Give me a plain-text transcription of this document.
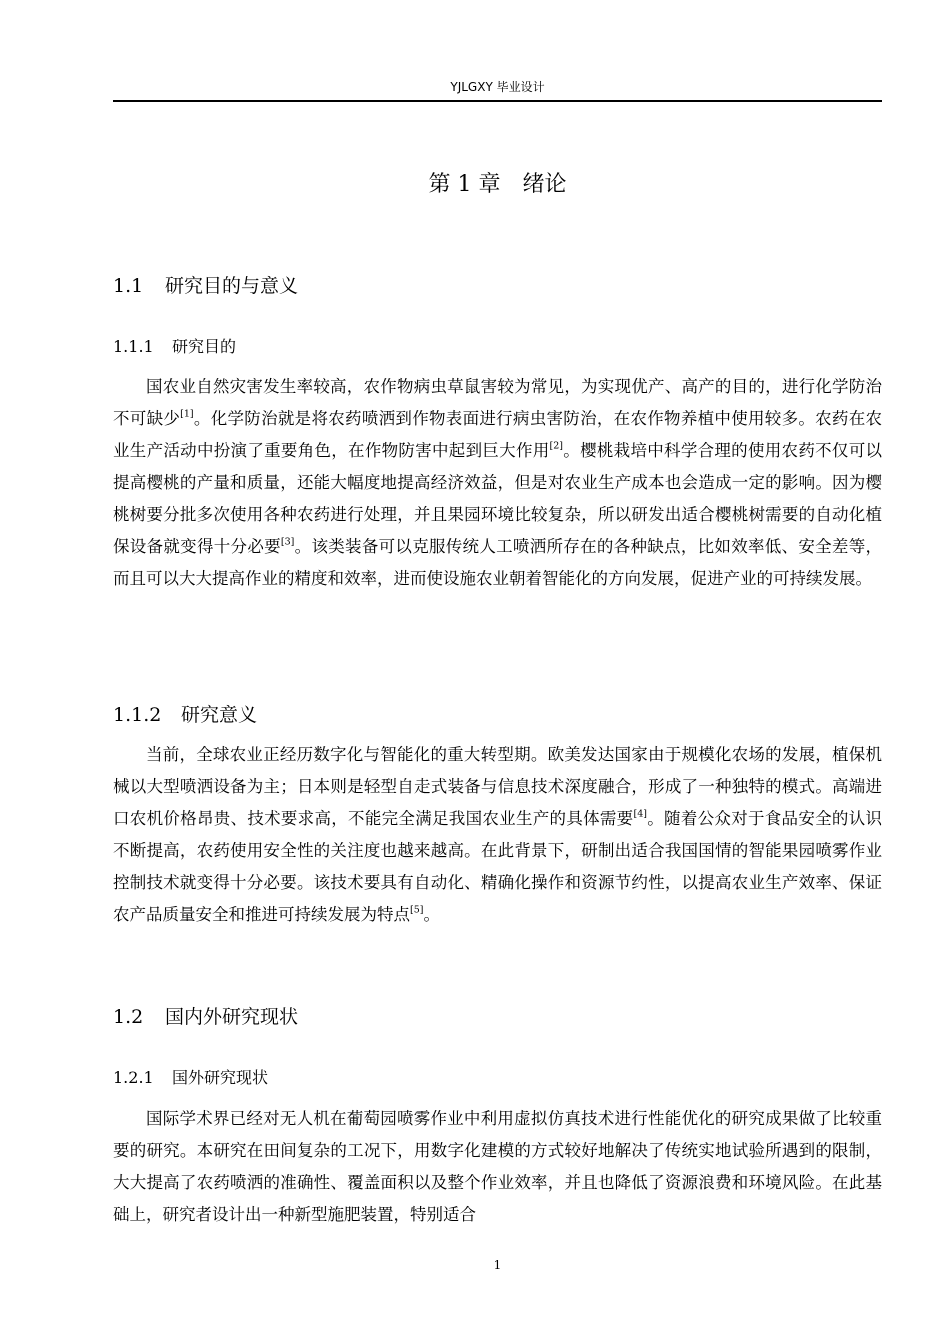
YJLGXY 毕业设计
第 1 章 绪论
1.1 研究目的与意义
1.1.1 研究目的

国农业自然灾害发生率较高，农作物病虫草鼠害较为常见，为实现优产、高产的目的，进行化学防治不可缺少[1]。化学防治就是将农药喷洒到作物表面进行病虫害防治，在农作物养植中使用较多。农药在农业生产活动中扮演了重要角色，在作物防害中起到巨大作用[2]。樱桃栽培中科学合理的使用农药不仅可以提高樱桃的产量和质量，还能大幅度地提高经济效益，但是对农业生产成本也会造成一定的影响。因为樱桃树要分批多次使用各种农药进行处理，并且果园环境比较复杂，所以研发出适合樱桃树需要的自动化植保设备就变得十分必要[3]。该类装备可以克服传统人工喷洒所存在的各种缺点，比如效率低、安全差等，而且可以大大提高作业的精度和效率，进而使设施农业朝着智能化的方向发展，促进产业的可持续发展。

1.1.2 研究意义

当前，全球农业正经历数字化与智能化的重大转型期。欧美发达国家由于规模化农场的发展，植保机械以大型喷洒设备为主；日本则是轻型自走式装备与信息技术深度融合，形成了一种独特的模式。高端进口农机价格昂贵、技术要求高，不能完全满足我国农业生产的具体需要[4]。随着公众对于食品安全的认识不断提高，农药使用安全性的关注度也越来越高。在此背景下，研制出适合我国国情的智能果园喷雾作业控制技术就变得十分必要。该技术要具有自动化、精确化操作和资源节约性，以提高农业生产效率、保证农产品质量安全和推进可持续发展为特点[5]。

1.2 国内外研究现状
1.2.1 国外研究现状

国际学术界已经对无人机在葡萄园喷雾作业中利用虚拟仿真技术进行性能优化的研究成果做了比较重要的研究。本研究在田间复杂的工况下，用数字化建模的方式较好地解决了传统实地试验所遇到的限制，大大提高了农药喷洒的准确性、覆盖面积以及整个作业效率，并且也降低了资源浪费和环境风险。在此基础上，研究者设计出一种新型施肥装置，特别适合

1
